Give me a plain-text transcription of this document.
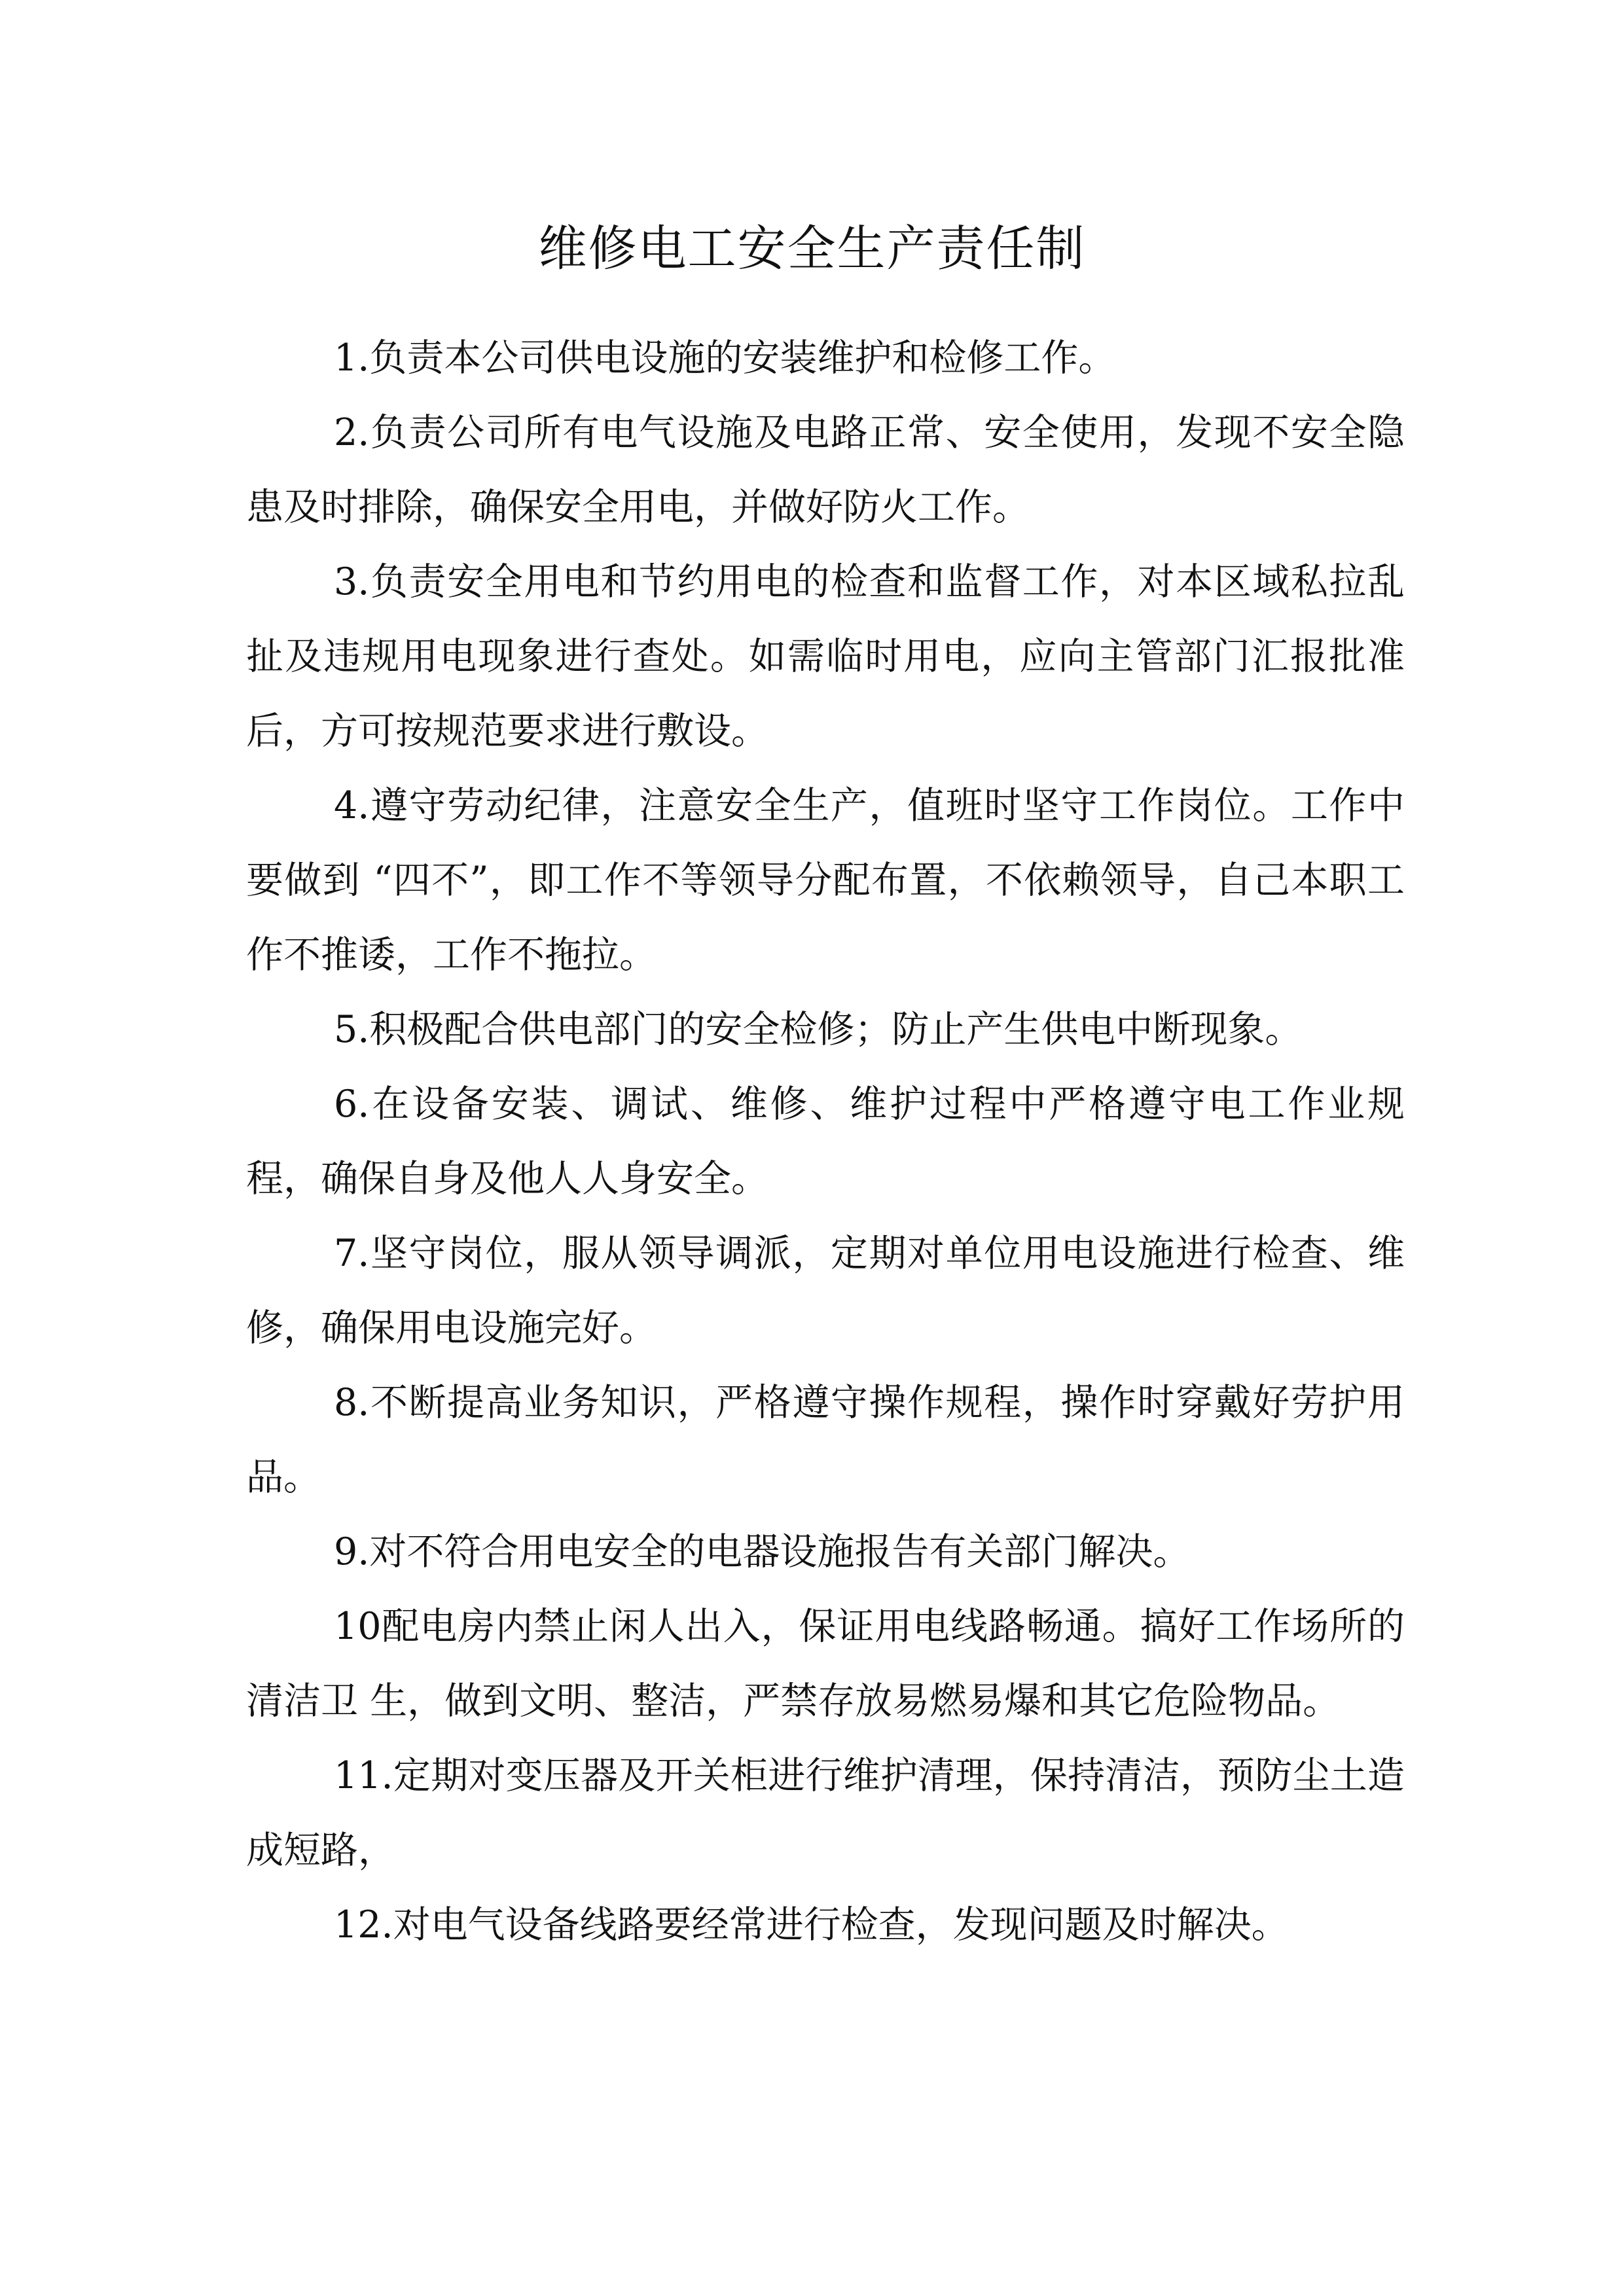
维修电工安全生产责任制

1.负责本公司供电设施的安装维护和检修工作。

2.负责公司所有电气设施及电路正常、安全使用，发现不安全隐患及时排除，确保安全用电，并做好防火工作。

3.负责安全用电和节约用电的检查和监督工作，对本区域私拉乱扯及违规用电现象进行查处。如需临时用电，应向主管部门汇报批准后，方可按规范要求进行敷设。

4.遵守劳动纪律，注意安全生产，值班时坚守工作岗位。工作中要做到 “四不”，即工作不等领导分配布置，不依赖领导，自己本职工作不推诿，工作不拖拉。

5.积极配合供电部门的安全检修；防止产生供电中断现象。

6.在设备安装、调试、维修、维护过程中严格遵守电工作业规程，确保自身及他人人身安全。

7.坚守岗位，服从领导调派，定期对单位用电设施进行检查、维修，确保用电设施完好。

8.不断提高业务知识，严格遵守操作规程，操作时穿戴好劳护用品。

9.对不符合用电安全的电器设施报告有关部门解决。

10配电房内禁止闲人出入，保证用电线路畅通。搞好工作场所的清洁卫 生，做到文明、整洁，严禁存放易燃易爆和其它危险物品。

11.定期对变压器及开关柜进行维护清理，保持清洁，预防尘土造成短路，

12.对电气设备线路要经常进行检查，发现问题及时解决。
